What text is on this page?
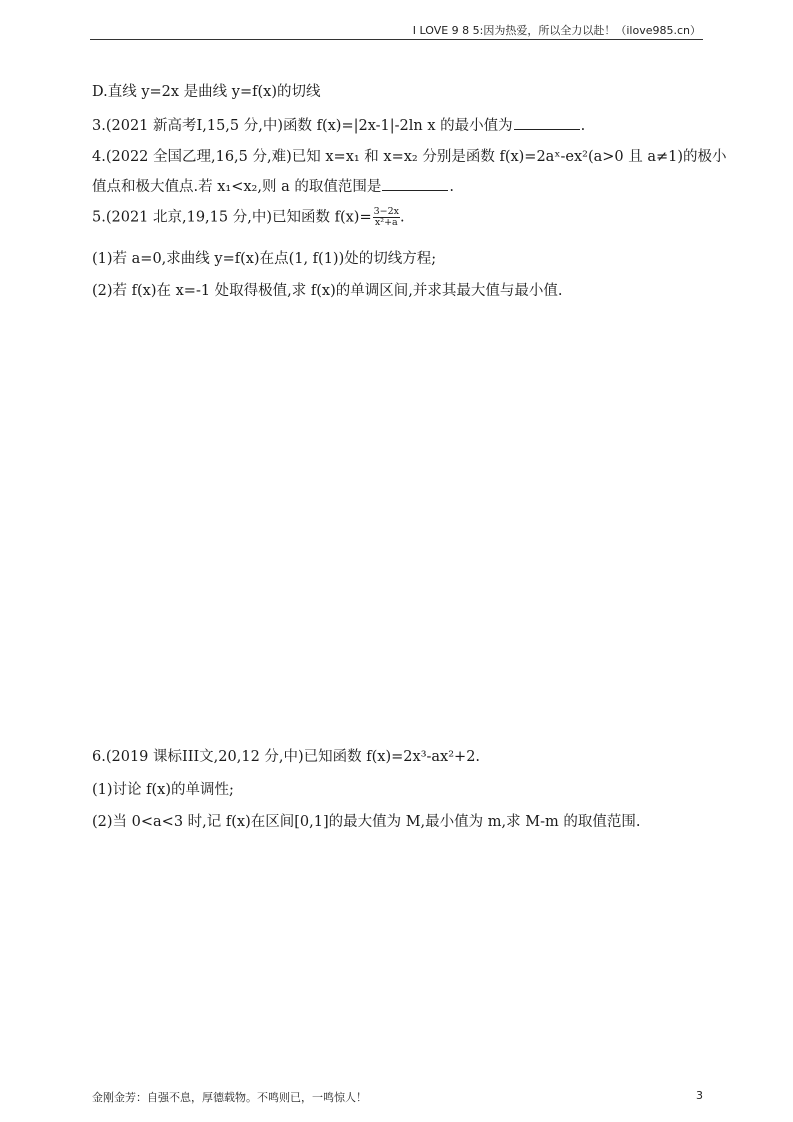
I LOVE 9 8 5:因为热爱，所以全力以赴！（ilove985.cn）
D.直线 y=2x 是曲线 y=f(x)的切线
3.(2021 新高考I,15,5 分,中)函数 f(x)=|2x-1|-2ln x 的最小值为	.
4.(2022 全国乙理,16,5 分,难)已知 x=x₁ 和 x=x₂ 分别是函数 f(x)=2aˣ-ex²(a>0 且 a≠1)的极小
值点和极大值点.若 x₁<x₂,则 a 的取值范围是	.
5.(2021 北京,19,15 分,中)已知函数 $f(x)= \frac{3-2x}{\text{x²+a}}$ .
(1)若 a=0,求曲线 y=f(x)在点(1, f(1))处的切线方程;
(2)若 f(x)在 x=-1 处取得极值,求 f(x)的单调区间,并求其最大值与最小值.
6.(2019 课标III文,20,12 分,中)已知函数 f(x)=2x³-ax²+2.
(1)讨论 f(x)的单调性;
(2)当 0<a<3 时,记 f(x)在区间[0,1]的最大值为 M,最小值为 m,求 M-m 的取值范围.
金刚金芳：自强不息，厚德载物。不鸣则已，一鸣惊人！	3
